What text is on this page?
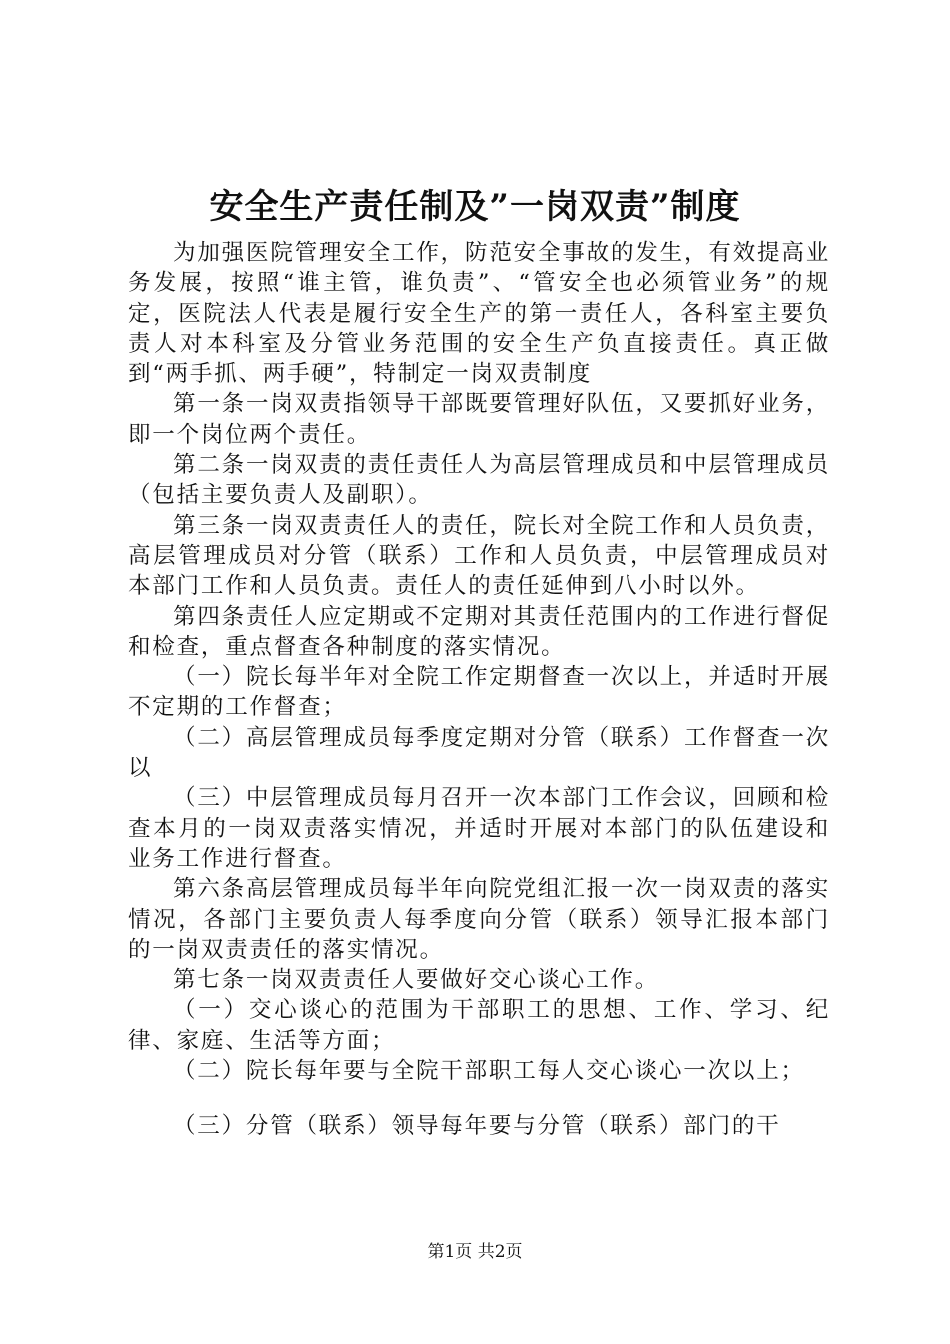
安全生产责任制及”一岗双责”制度

为加强医院管理安全工作，防范安全事故的发生，有效提高业务发展，按照“谁主管，谁负责”、“管安全也必须管业务”的规定，医院法人代表是履行安全生产的第一责任人，各科室主要负责人对本科室及分管业务范围的安全生产负直接责任。真正做到“两手抓、两手硬”，特制定一岗双责制度

第一条一岗双责指领导干部既要管理好队伍，又要抓好业务，即一个岗位两个责任。

第二条一岗双责的责任责任人为高层管理成员和中层管理成员（包括主要负责人及副职）。

第三条一岗双责责任人的责任，院长对全院工作和人员负责，高层管理成员对分管（联系）工作和人员负责，中层管理成员对本部门工作和人员负责。责任人的责任延伸到八小时以外。

第四条责任人应定期或不定期对其责任范围内的工作进行督促和检查，重点督查各种制度的落实情况。

（一）院长每半年对全院工作定期督查一次以上，并适时开展不定期的工作督查；

（二）高层管理成员每季度定期对分管（联系）工作督查一次以

（三）中层管理成员每月召开一次本部门工作会议，回顾和检查本月的一岗双责落实情况，并适时开展对本部门的队伍建设和业务工作进行督查。

第六条高层管理成员每半年向院党组汇报一次一岗双责的落实情况，各部门主要负责人每季度向分管（联系）领导汇报本部门的一岗双责责任的落实情况。

第七条一岗双责责任人要做好交心谈心工作。

（一）交心谈心的范围为干部职工的思想、工作、学习、纪律、家庭、生活等方面；

（二）院长每年要与全院干部职工每人交心谈心一次以上；

（三）分管（联系）领导每年要与分管（联系）部门的干

第1页 共2页
